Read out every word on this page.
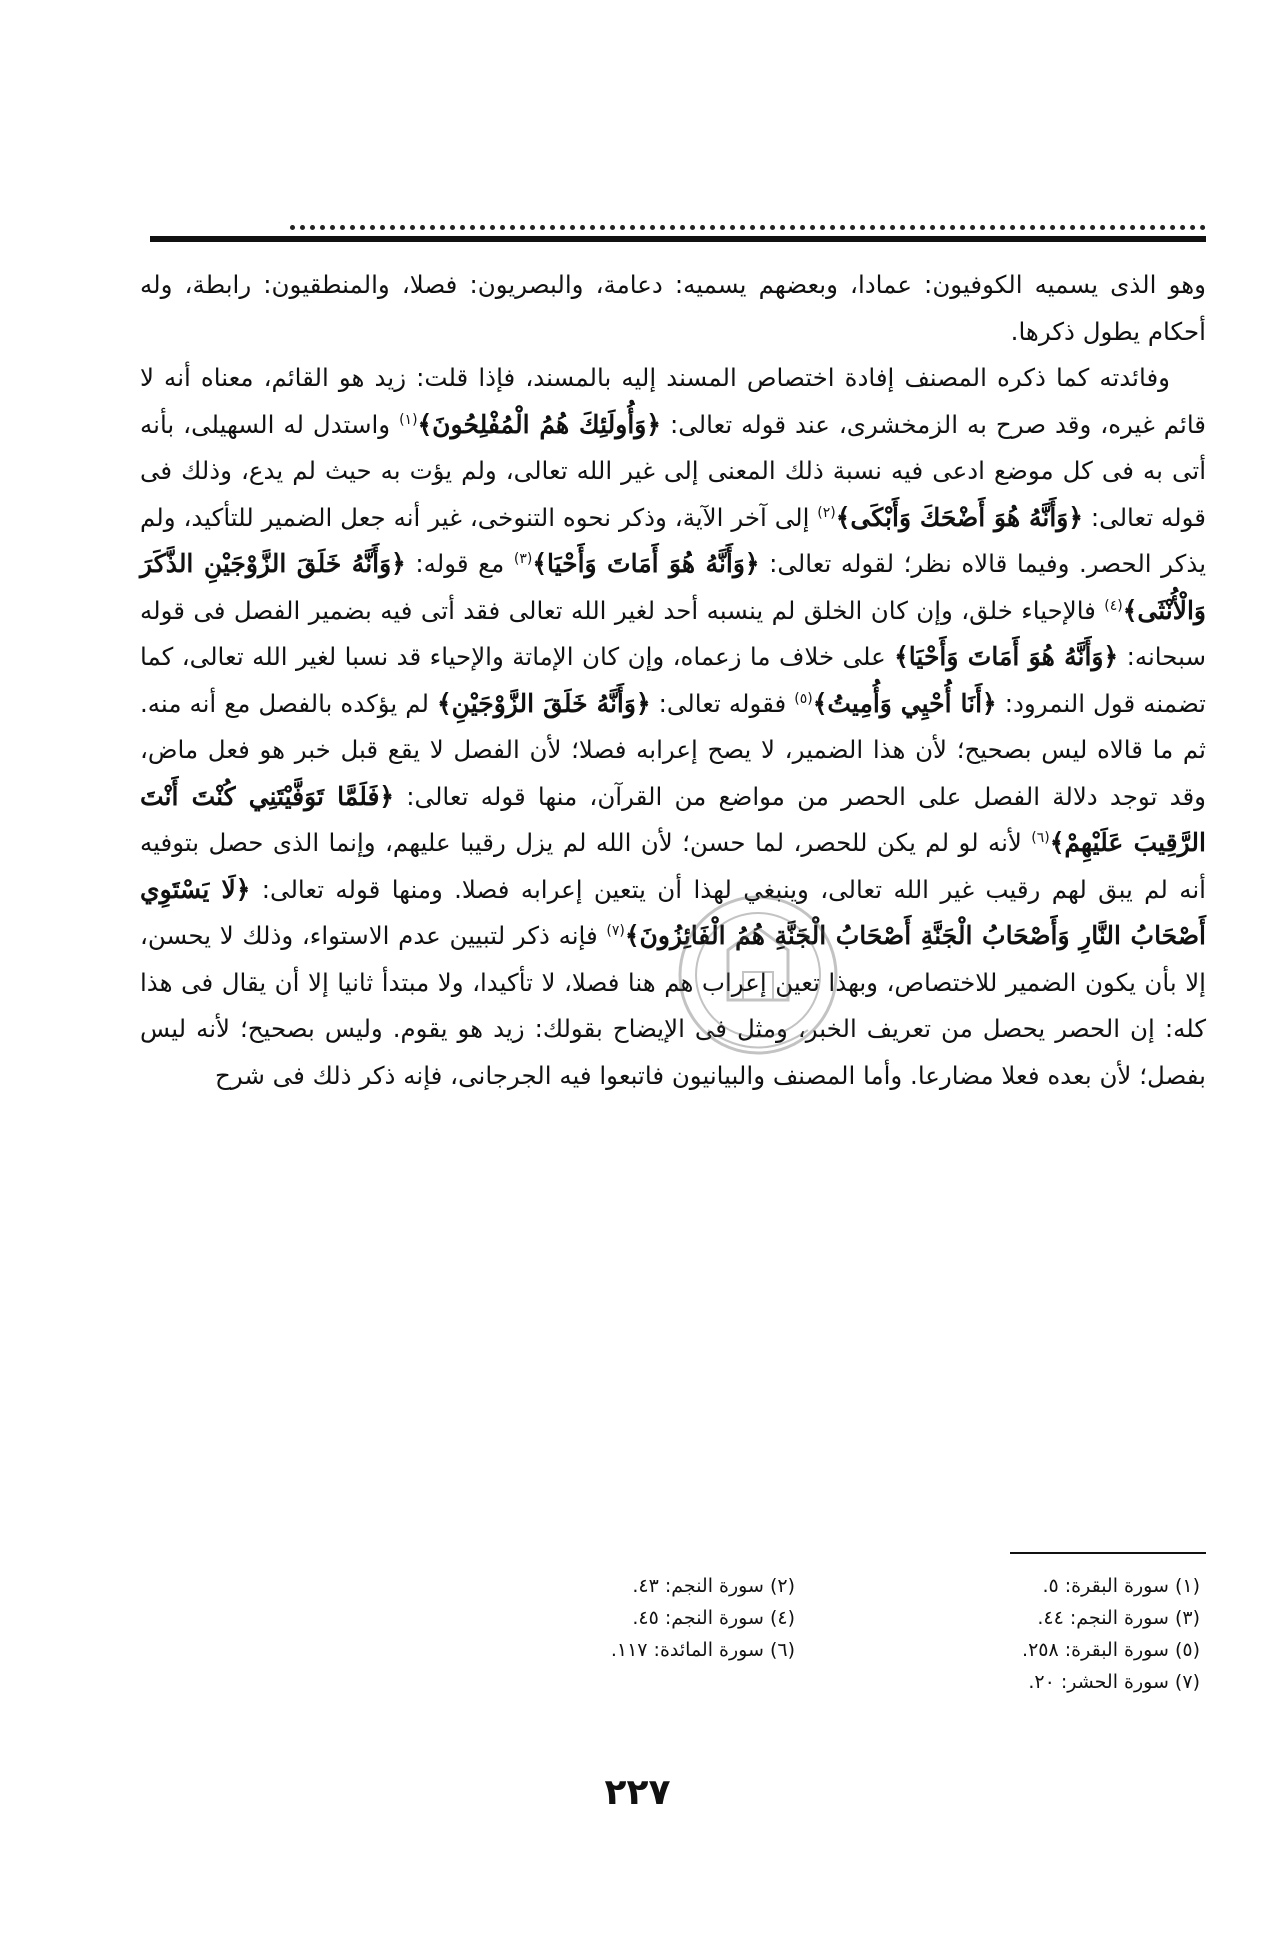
وهو الذى يسميه الكوفيون: عمادا، وبعضهم يسميه: دعامة، والبصريون: فصلا، والمنطقيون: رابطة، وله أحكام يطول ذكرها.

وفائدته كما ذكره المصنف إفادة اختصاص المسند إليه بالمسند، فإذا قلت: زيد هو القائم، معناه أنه لا قائم غيره، وقد صرح به الزمخشرى، عند قوله تعالى: ﴿وَأُولَئِكَ هُمُ الْمُفْلِحُونَ﴾$^{(١)}$ واستدل له السهيلى، بأنه أتى به فى كل موضع ادعى فيه نسبة ذلك المعنى إلى غير الله تعالى، ولم يؤت به حيث لم يدع، وذلك فى قوله تعالى: ﴿وَأَنَّهُ هُوَ أَضْحَكَ وَأَبْكَى﴾$^{(٢)}$ إلى آخر الآية، وذكر نحوه التنوخى، غير أنه جعل الضمير للتأكيد، ولم يذكر الحصر. وفيما قالاه نظر؛ لقوله تعالى: ﴿وَأَنَّهُ هُوَ أَمَاتَ وَأَحْيَا﴾$^{(٣)}$ مع قوله: ﴿وَأَنَّهُ خَلَقَ الزَّوْجَيْنِ الذَّكَرَ وَالْأُنْثَى﴾$^{(٤)}$ فالإحياء خلق، وإن كان الخلق لم ينسبه أحد لغير الله تعالى فقد أتى فيه بضمير الفصل فى قوله سبحانه: ﴿وَأَنَّهُ هُوَ أَمَاتَ وَأَحْيَا﴾ على خلاف ما زعماه، وإن كان الإماتة والإحياء قد نسبا لغير الله تعالى، كما تضمنه قول النمرود: ﴿أَنَا أُحْيِي وَأُمِيتُ﴾$^{(٥)}$ فقوله تعالى: ﴿وَأَنَّهُ خَلَقَ الزَّوْجَيْنِ﴾ لم يؤكده بالفصل مع أنه منه. ثم ما قالاه ليس بصحيح؛ لأن هذا الضمير، لا يصح إعرابه فصلا؛ لأن الفصل لا يقع قبل خبر هو فعل ماض، وقد توجد دلالة الفصل على الحصر من مواضع من القرآن، منها قوله تعالى: ﴿فَلَمَّا تَوَفَّيْتَنِي كُنْتَ أَنْتَ الرَّقِيبَ عَلَيْهِمْ﴾$^{(٦)}$ لأنه لو لم يكن للحصر، لما حسن؛ لأن الله لم يزل رقيبا عليهم، وإنما الذى حصل بتوفيه أنه لم يبق لهم رقيب غير الله تعالى، وينبغي لهذا أن يتعين إعرابه فصلا. ومنها قوله تعالى: ﴿لَا يَسْتَوِي أَصْحَابُ النَّارِ وَأَصْحَابُ الْجَنَّةِ أَصْحَابُ الْجَنَّةِ هُمُ الْفَائِزُونَ﴾$^{(٧)}$ فإنه ذكر لتبيين عدم الاستواء، وذلك لا يحسن، إلا بأن يكون الضمير للاختصاص، وبهذا تعين إعراب هم هنا فصلا، لا تأكيدا، ولا مبتدأ ثانيا إلا أن يقال فى هذا كله: إن الحصر يحصل من تعريف الخبر، ومثل فى الإيضاح بقولك: زيد هو يقوم. وليس بصحيح؛ لأنه ليس بفصل؛ لأن بعده فعلا مضارعا. وأما المصنف والبيانيون فاتبعوا فيه الجرجانى، فإنه ذكر ذلك فى شرح

(١) سورة البقرة: ٥.
(٢) سورة النجم: ٤٣.
(٣) سورة النجم: ٤٤.
(٤) سورة النجم: ٤٥.
(٥) سورة البقرة: ٢٥٨.
(٦) سورة المائدة: ١١٧.
(٧) سورة الحشر: ٢٠.
٢٢٧
